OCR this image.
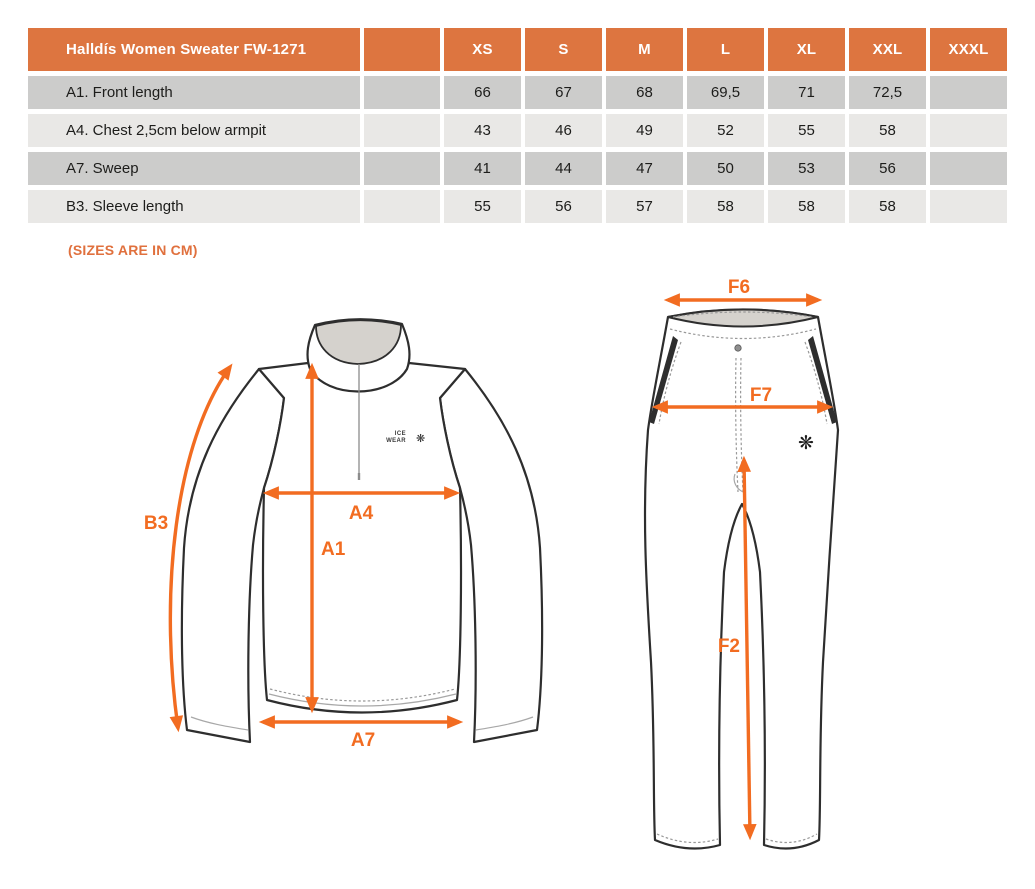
Halldís Women Sweater FW-1271		XS	S	M	L	XL	XXL	XXXL
A1. Front length		66	67	68	69,5	71	72,5	
A4. Chest 2,5cm below armpit		43	46	49	52	55	58	
A7. Sweep		41	44	47	50	53	56	
B3. Sleeve length		55	56	57	58	58	58	
(SIZES ARE IN CM)
ICE
WEAR ❋
B3
A1
A4
A7
❋
F6
F7
F2
